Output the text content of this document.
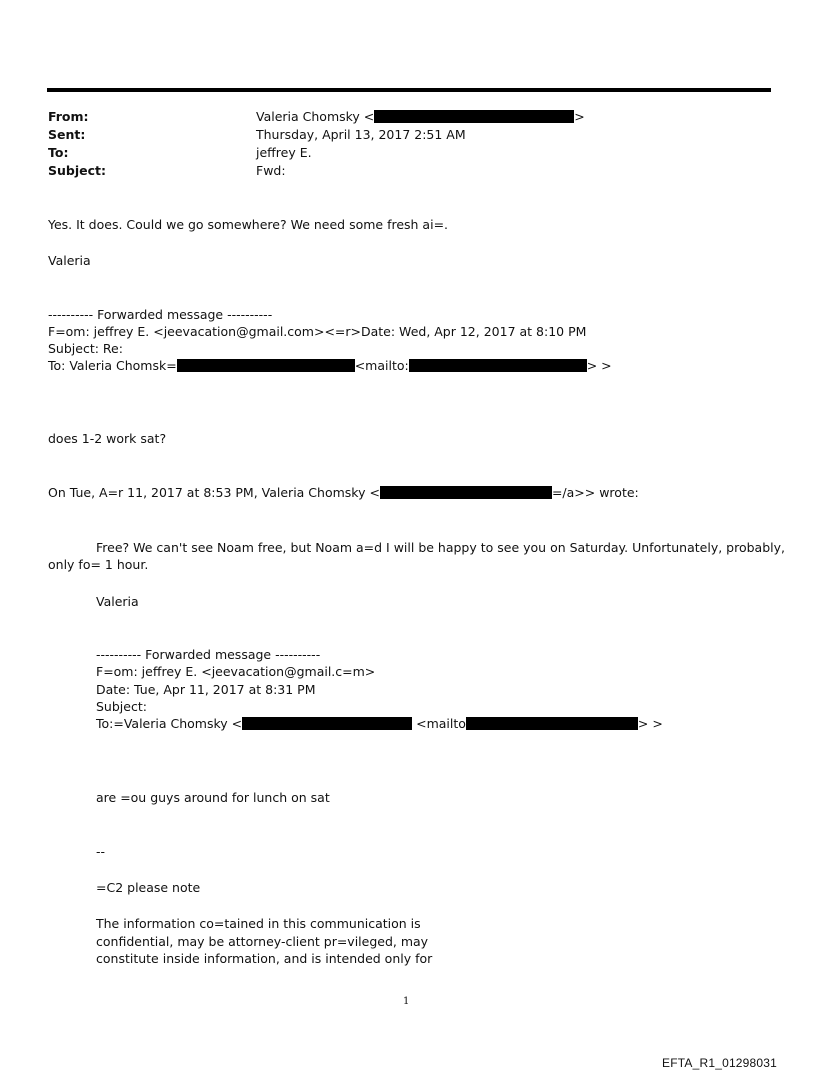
From:	Valeria Chomsky <	>
Sent:	Thursday, April 13, 2017 2:51 AM
To:	jeffrey E.
Subject:	Fwd:
Yes. It does. Could we go somewhere? We need some fresh ai=.
Valeria
---------- Forwarded message ----------
F=om: jeffrey E. <jeevacation@gmail.com><=r>Date: Wed, Apr 12, 2017 at 8:10 PM
Subject: Re:
To: Valeria Chomsk=	<mailto:	> >
does 1-2 work sat?
On Tue, A=r 11, 2017 at 8:53 PM, Valeria Chomsky <	=/a>> wrote:
Free? We can't see Noam free, but Noam a=d I will be happy to see you on Saturday. Unfortunately, probably,
only fo= 1 hour.
Valeria
---------- Forwarded message ----------
F=om: jeffrey E. <jeevacation@gmail.c=m>
Date: Tue, Apr 11, 2017 at 8:31 PM
Subject:
To:=Valeria Chomsky <	<mailto	> >
are =ou guys around for lunch on sat
--
=C2 please note
The information co=tained in this communication is
confidential, may be attorney-client pr=vileged, may
constitute inside information, and is intended only for
1
EFTA_R1_01298031
